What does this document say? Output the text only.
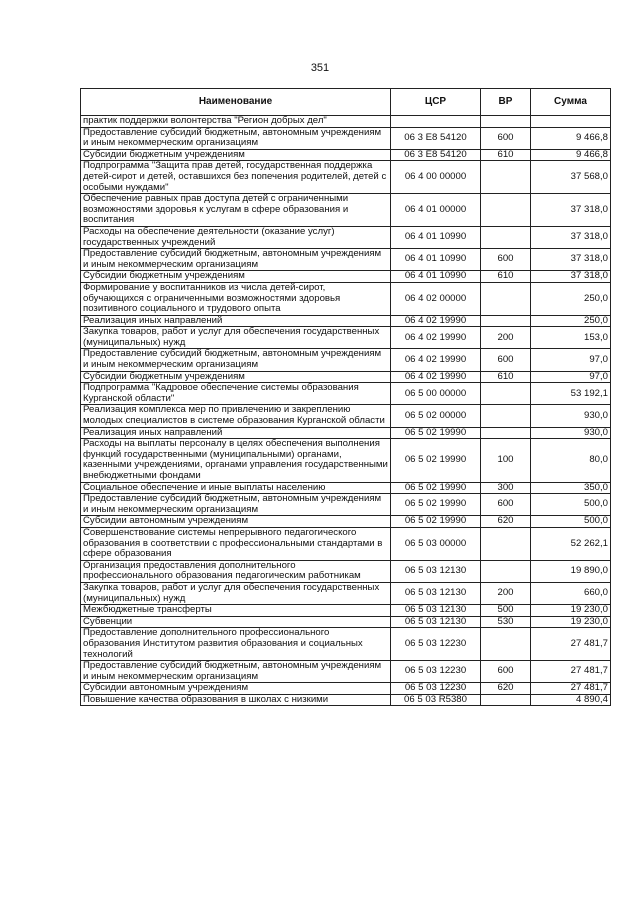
351
Наименование	ЦСР	ВР	Сумма
практик поддержки волонтерства "Регион добрых дел"			
Предоставление субсидий бюджетным, автономным учреждениям и иным некоммерческим организациям	06 3 E8 54120	600	9 466,8
Субсидии бюджетным учреждениям	06 3 E8 54120	610	9 466,8
Подпрограмма "Защита прав детей, государственная поддержка детей-сирот и детей, оставшихся без попечения родителей, детей с особыми нуждами"	06 4 00 00000		37 568,0
Обеспечение равных прав доступа детей с ограниченными возможностями здоровья к услугам в сфере образования и воспитания	06 4 01 00000		37 318,0
Расходы на обеспечение деятельности (оказание услуг) государственных учреждений	06 4 01 10990		37 318,0
Предоставление субсидий бюджетным, автономным учреждениям и иным некоммерческим организациям	06 4 01 10990	600	37 318,0
Субсидии бюджетным учреждениям	06 4 01 10990	610	37 318,0
Формирование у воспитанников из числа детей-сирот, обучающихся с ограниченными возможностями здоровья позитивного социального и трудового опыта	06 4 02 00000		250,0
Реализация иных направлений	06 4 02 19990		250,0
Закупка товаров, работ и услуг для обеспечения государственных (муниципальных) нужд	06 4 02 19990	200	153,0
Предоставление субсидий бюджетным, автономным учреждениям и иным некоммерческим организациям	06 4 02 19990	600	97,0
Субсидии бюджетным учреждениям	06 4 02 19990	610	97,0
Подпрограмма "Кадровое обеспечение системы образования Курганской области"	06 5 00 00000		53 192,1
Реализация комплекса мер по привлечению и закреплению молодых специалистов в системе образования Курганской области	06 5 02 00000		930,0
Реализация иных направлений	06 5 02 19990		930,0
Расходы на выплаты персоналу в целях обеспечения выполнения функций государственными (муниципальными) органами, казенными учреждениями, органами управления государственными внебюджетными фондами	06 5 02 19990	100	80,0
Социальное обеспечение и иные выплаты населению	06 5 02 19990	300	350,0
Предоставление субсидий бюджетным, автономным учреждениям и иным некоммерческим организациям	06 5 02 19990	600	500,0
Субсидии автономным учреждениям	06 5 02 19990	620	500,0
Совершенствование системы непрерывного педагогического образования в соответствии с профессиональными стандартами в сфере образования	06 5 03 00000		52 262,1
Организация предоставления дополнительного профессионального образования педагогическим работникам	06 5 03 12130		19 890,0
Закупка товаров, работ и услуг для обеспечения государственных (муниципальных) нужд	06 5 03 12130	200	660,0
Межбюджетные трансферты	06 5 03 12130	500	19 230,0
Субвенции	06 5 03 12130	530	19 230,0
Предоставление дополнительного профессионального образования Институтом развития образования и социальных технологий	06 5 03 12230		27 481,7
Предоставление субсидий бюджетным, автономным учреждениям и иным некоммерческим организациям	06 5 03 12230	600	27 481,7
Субсидии автономным учреждениям	06 5 03 12230	620	27 481,7
Повышение качества образования в школах с низкими	06 5 03 R5380		4 890,4
